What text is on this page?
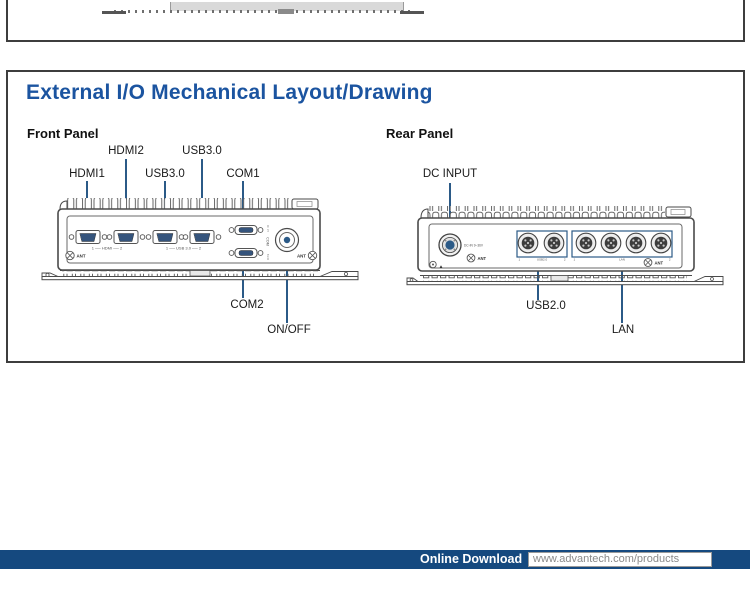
External I/O Mechanical Layout/Drawing
Front Panel	Rear Panel
HDMI2	USB3.0
HDMI1	USB3.0	COM1
COM2
ON/OFF
DC INPUT
USB2.0
LAN
1 ── HDMI ── 2	1 ── USB 3.0 ── 2
1
COM
2
ANT	ANT
DC-IN 9~36V
ANT	1	USB2.0	2	1	LAN	2
ANT
Online Download www.advantech.com/products
